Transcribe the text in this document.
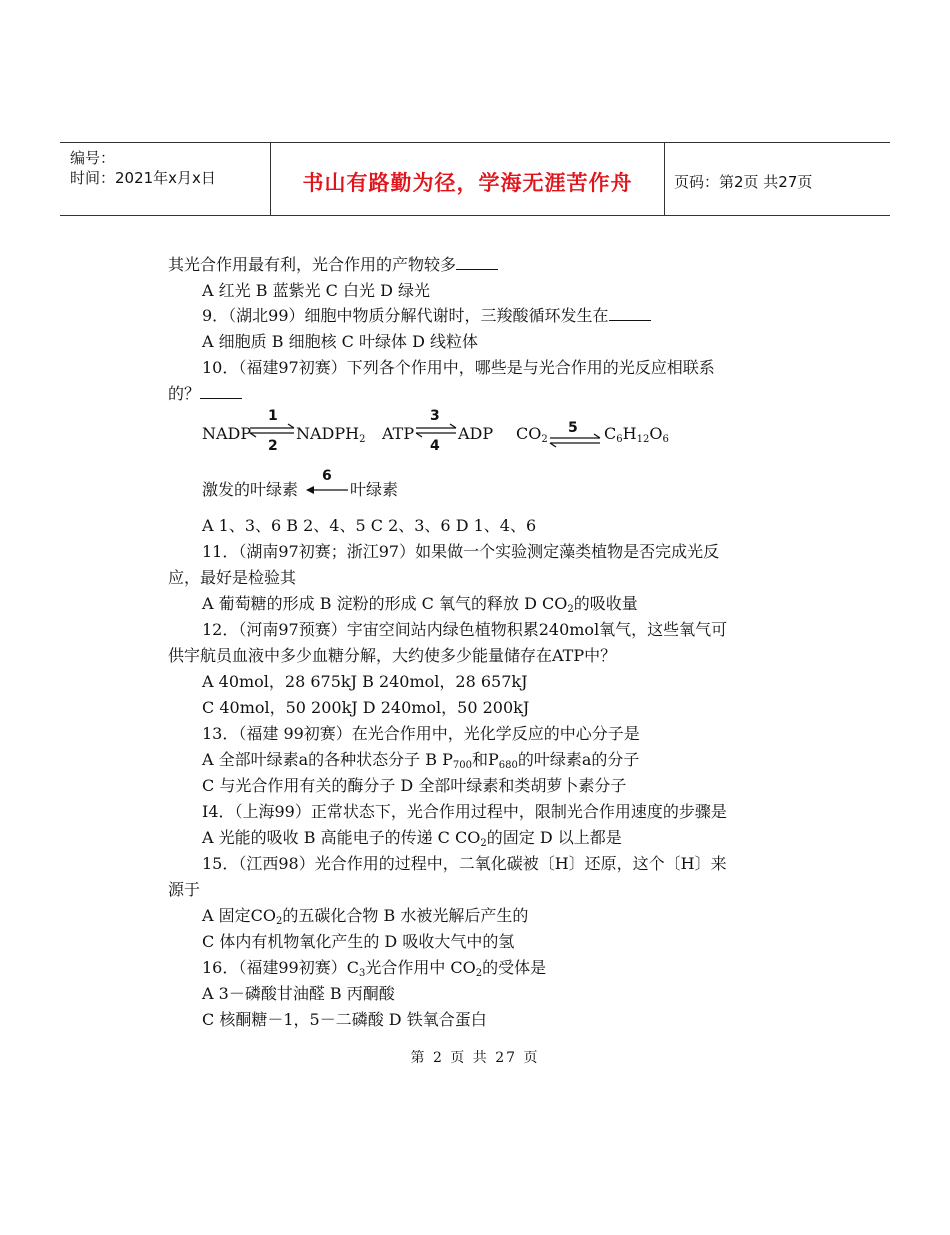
编号：
时间：2021年x月x日	书山有路勤为径，学海无涯苦作舟	页码：第2页 共27页
其光合作用最有利，光合作用的产物较多
A 红光 B 蓝紫光 C 白光 D 绿光
9．（湖北99）细胞中物质分解代谢时，三羧酸循环发生在
A 细胞质 B 细胞核 C 叶绿体 D 线粒体
10．（福建97初赛）下列各个作用中，哪些是与光合作用的光反应相联系
的？
NADP
1
2
$NADPH_2$ ATP ⇌
3
4
ADP $CO_2$ ⇌
5 $C_6H_{12}O_6$
激发的叶绿素
6
叶绿素
A 1、3、6 B 2、4、5 C 2、3、6 D 1、4、6
11．（湖南97初赛；浙江97）如果做一个实验测定藻类植物是否完成光反
应，最好是检验其
A 葡萄糖的形成 B 淀粉的形成 C 氧气的释放 D $CO_2$的吸收量
12．（河南97预赛）宇宙空间站内绿色植物积累240mol氧气，这些氧气可
供宇航员血液中多少血糖分解，大约使多少能量储存在ATP中？
A 40mol，28 675kJ B 240mol，28 657kJ
C 40mol，50 200kJ D 240mol，50 200kJ
13．（福建 99初赛）在光合作用中，光化学反应的中心分子是
A 全部叶绿素a的各种状态分子 B $P_{700}$和$P_{680}$的叶绿素a的分子
C 与光合作用有关的酶分子 D 全部叶绿素和类胡萝卜素分子
I4．（上海99）正常状态下，光合作用过程中，限制光合作用速度的步骤是
A 光能的吸收 B 高能电子的传递 C $CO_2$的固定 D 以上都是
15．（江西98）光合作用的过程中，二氧化碳被〔H〕还原，这个〔H〕来
源于
A 固定$CO_2$的五碳化合物 B 水被光解后产生的
C 体内有机物氧化产生的 D 吸收大气中的氢
16．（福建99初赛）$C_3$光合作用中 $CO_2$的受体是
A 3－磷酸甘油醛 B 丙酮酸
C 核酮糖－1，5－二磷酸 D 铁氧合蛋白
第 2 页 共 27 页
